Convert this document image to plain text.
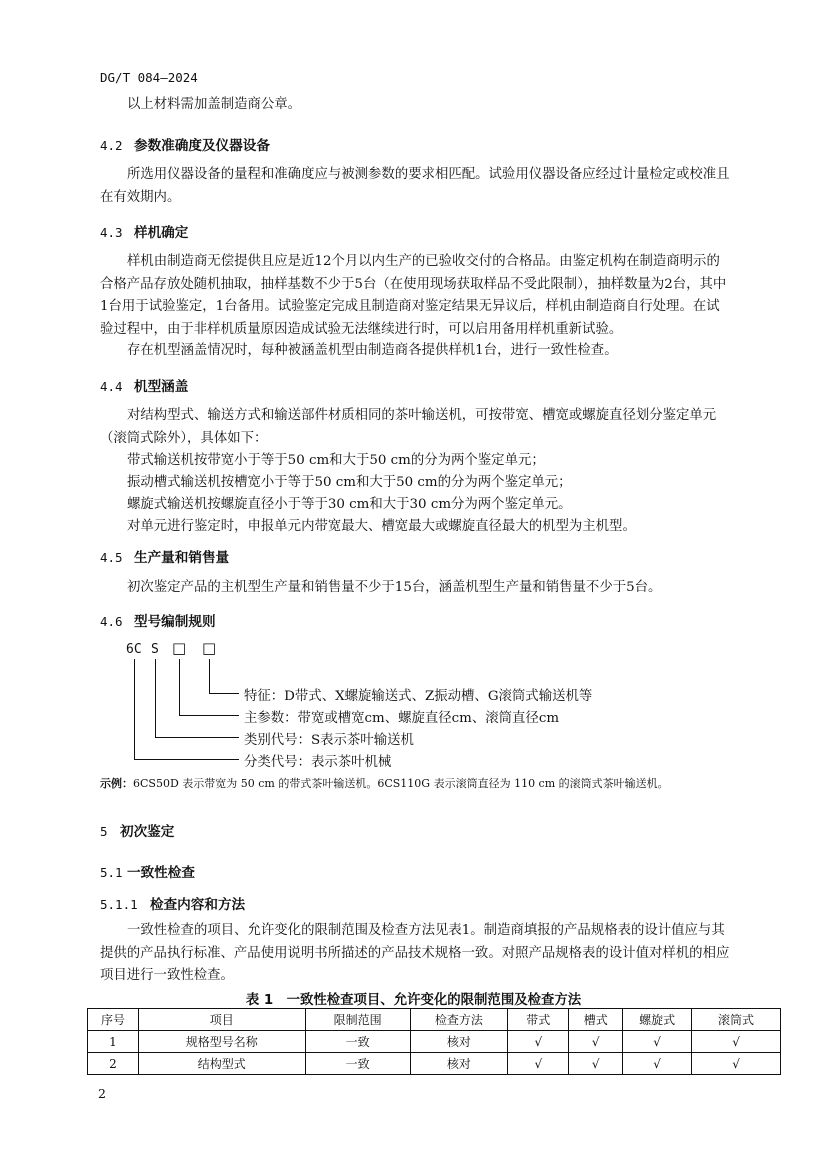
DG/T 084—2024
以上材料需加盖制造商公章。
4.2 参数准确度及仪器设备
所选用仪器设备的量程和准确度应与被测参数的要求相匹配。试验用仪器设备应经过计量检定或校准且在有效期内。
4.3 样机确定
样机由制造商无偿提供且应是近12个月以内生产的已验收交付的合格品。由鉴定机构在制造商明示的合格产品存放处随机抽取，抽样基数不少于5台（在使用现场获取样品不受此限制），抽样数量为2台，其中1台用于试验鉴定，1台备用。试验鉴定完成且制造商对鉴定结果无异议后，样机由制造商自行处理。在试验过程中，由于非样机质量原因造成试验无法继续进行时，可以启用备用样机重新试验。
存在机型涵盖情况时，每种被涵盖机型由制造商各提供样机1台，进行一致性检查。
4.4 机型涵盖
对结构型式、输送方式和输送部件材质相同的茶叶输送机，可按带宽、槽宽或螺旋直径划分鉴定单元（滚筒式除外），具体如下：
带式输送机按带宽小于等于50 cm和大于50 cm的分为两个鉴定单元；
振动槽式输送机按槽宽小于等于50 cm和大于50 cm的分为两个鉴定单元；
螺旋式输送机按螺旋直径小于等于30 cm和大于30 cm分为两个鉴定单元。
对单元进行鉴定时，申报单元内带宽最大、槽宽最大或螺旋直径最大的机型为主机型。
4.5 生产量和销售量
初次鉴定产品的主机型生产量和销售量不少于15台，涵盖机型生产量和销售量不少于5台。
4.6 型号编制规则
6C S □ □
特征：D带式、X螺旋输送式、Z振动槽、G滚筒式输送机等
主参数：带宽或槽宽cm、螺旋直径cm、滚筒直径cm
类别代号：S表示茶叶输送机
分类代号：表示茶叶机械
示例：6CS50D 表示带宽为 50 cm 的带式茶叶输送机。6CS110G 表示滚筒直径为 110 cm 的滚筒式茶叶输送机。
5 初次鉴定
5.1 一致性检查
5.1.1 检查内容和方法
一致性检查的项目、允许变化的限制范围及检查方法见表1。制造商填报的产品规格表的设计值应与其提供的产品执行标准、产品使用说明书所描述的产品技术规格一致。对照产品规格表的设计值对样机的相应项目进行一致性检查。
表 1　一致性检查项目、允许变化的限制范围及检查方法
序号	项目	限制范围	检查方法	带式	槽式	螺旋式	滚筒式
1	规格型号名称	一致	核对	√	√	√	√
2	结构型式	一致	核对	√	√	√	√
2
